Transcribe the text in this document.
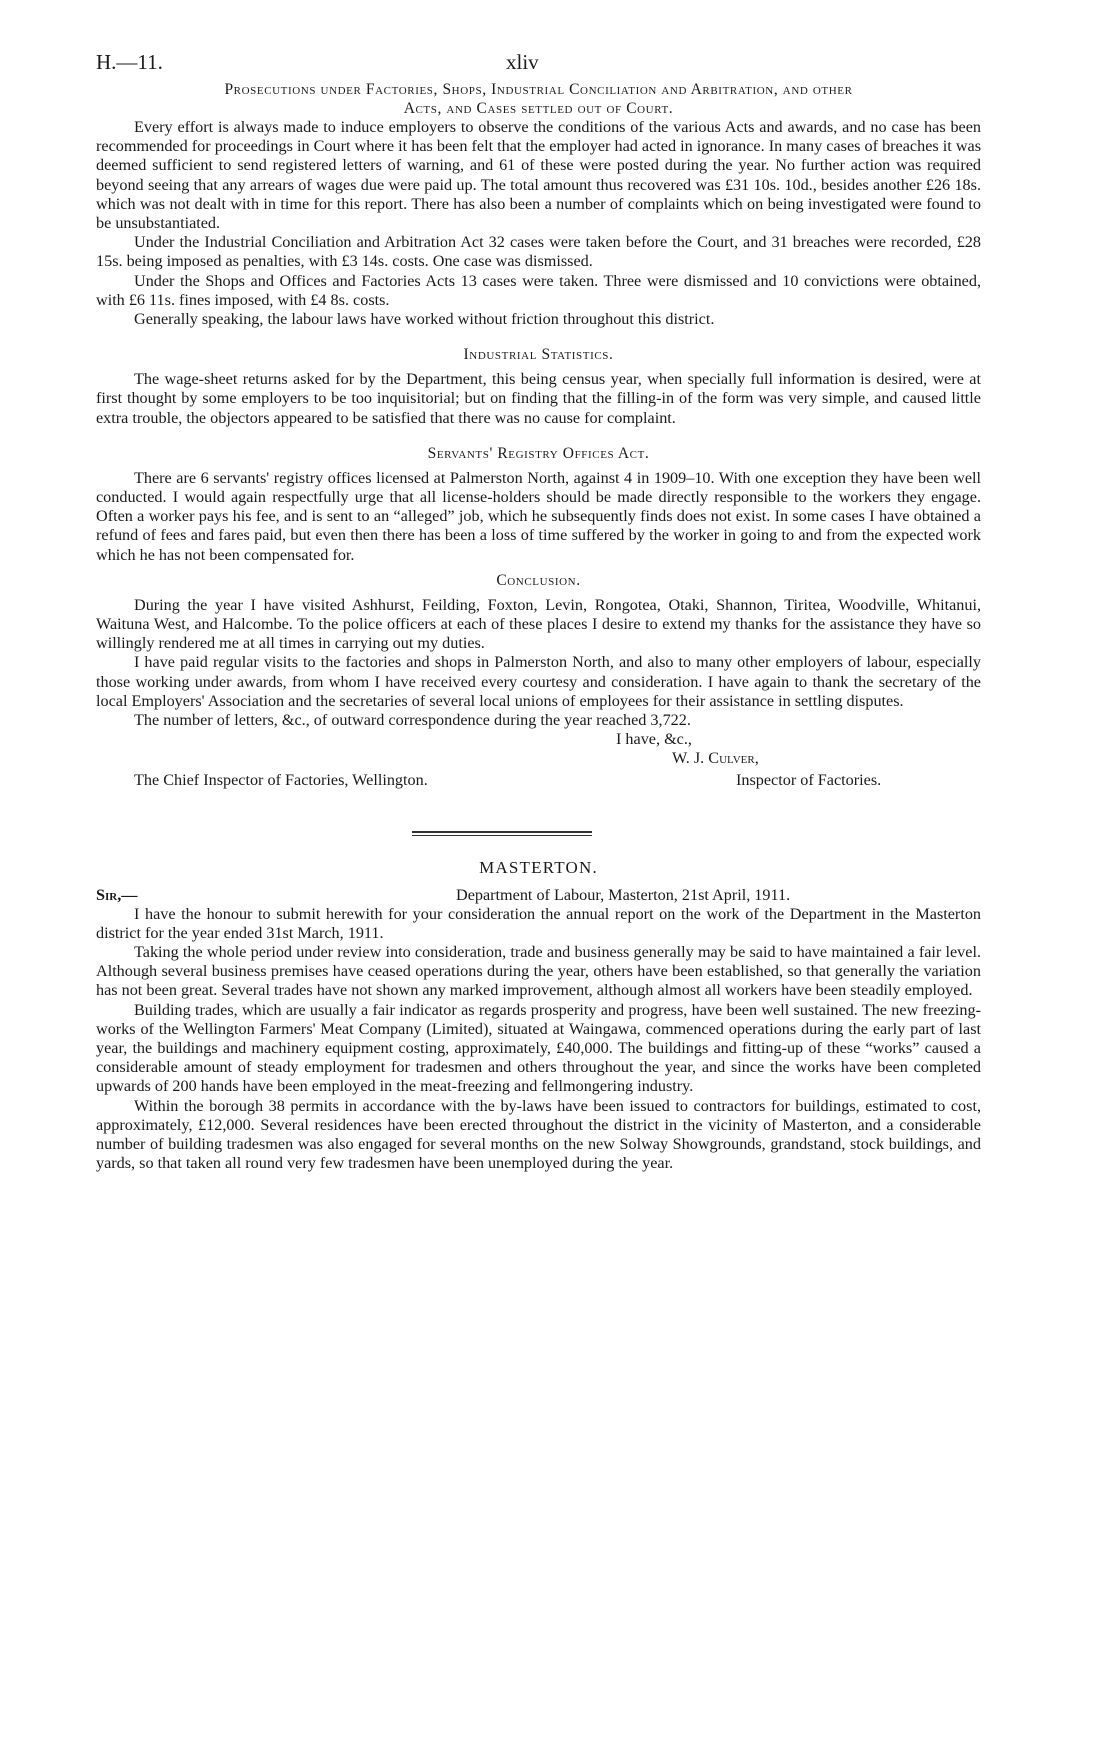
H.—11.	xliv
Prosecutions under Factories, Shops, Industrial Conciliation and Arbitration, and other
Acts, and Cases settled out of Court.

Every effort is always made to induce employers to observe the conditions of the various Acts and awards, and no case has been recommended for proceedings in Court where it has been felt that the employer had acted in ignorance. In many cases of breaches it was deemed sufficient to send registered letters of warning, and 61 of these were posted during the year. No further action was required beyond seeing that any arrears of wages due were paid up. The total amount thus recovered was £31 10s. 10d., besides another £26 18s. which was not dealt with in time for this report. There has also been a number of complaints which on being investigated were found to be unsubstantiated.

Under the Industrial Conciliation and Arbitration Act 32 cases were taken before the Court, and 31 breaches were recorded, £28 15s. being imposed as penalties, with £3 14s. costs. One case was dismissed.

Under the Shops and Offices and Factories Acts 13 cases were taken. Three were dismissed and 10 convictions were obtained, with £6 11s. fines imposed, with £4 8s. costs.

Generally speaking, the labour laws have worked without friction throughout this district.

Industrial Statistics.

The wage-sheet returns asked for by the Department, this being census year, when specially full information is desired, were at first thought by some employers to be too inquisitorial; but on finding that the filling-in of the form was very simple, and caused little extra trouble, the objectors appeared to be satisfied that there was no cause for complaint.

Servants' Registry Offices Act.

There are 6 servants' registry offices licensed at Palmerston North, against 4 in 1909–10. With one exception they have been well conducted. I would again respectfully urge that all license-holders should be made directly responsible to the workers they engage. Often a worker pays his fee, and is sent to an “alleged” job, which he subsequently finds does not exist. In some cases I have obtained a refund of fees and fares paid, but even then there has been a loss of time suffered by the worker in going to and from the expected work which he has not been compensated for.

Conclusion.

During the year I have visited Ashhurst, Feilding, Foxton, Levin, Rongotea, Otaki, Shannon, Tiritea, Woodville, Whitanui, Waituna West, and Halcombe. To the police officers at each of these places I desire to extend my thanks for the assistance they have so willingly rendered me at all times in carrying out my duties.

I have paid regular visits to the factories and shops in Palmerston North, and also to many other employers of labour, especially those working under awards, from whom I have received every courtesy and consideration. I have again to thank the secretary of the local Employers' Association and the secretaries of several local unions of employees for their assistance in settling disputes.

The number of letters, &c., of outward correspondence during the year reached 3,722.

I have, &c.,
W. J. Culver,
The Chief Inspector of Factories, Wellington.	Inspector of Factories.
MASTERTON.
Sir,—	Department of Labour, Masterton, 21st April, 1911.

I have the honour to submit herewith for your consideration the annual report on the work of the Department in the Masterton district for the year ended 31st March, 1911.

Taking the whole period under review into consideration, trade and business generally may be said to have maintained a fair level. Although several business premises have ceased operations during the year, others have been established, so that generally the variation has not been great. Several trades have not shown any marked improvement, although almost all workers have been steadily employed.

Building trades, which are usually a fair indicator as regards prosperity and progress, have been well sustained. The new freezing-works of the Wellington Farmers' Meat Company (Limited), situated at Waingawa, commenced operations during the early part of last year, the buildings and machinery equipment costing, approximately, £40,000. The buildings and fitting-up of these “works” caused a considerable amount of steady employment for tradesmen and others throughout the year, and since the works have been completed upwards of 200 hands have been employed in the meat-freezing and fellmongering industry.

Within the borough 38 permits in accordance with the by-laws have been issued to contractors for buildings, estimated to cost, approximately, £12,000. Several residences have been erected throughout the district in the vicinity of Masterton, and a considerable number of building tradesmen was also engaged for several months on the new Solway Showgrounds, grandstand, stock buildings, and yards, so that taken all round very few tradesmen have been unemployed during the year.
